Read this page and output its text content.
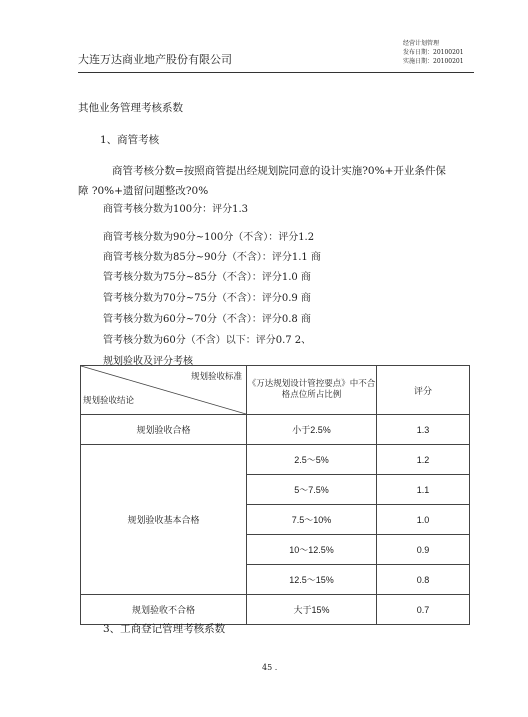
大连万达商业地产股份有限公司
经营计划管理
发布日期：20100201
实施日期：20100201
其他业务管理考核系数
1、商管考核
商管考核分数=按照商管提出经规划院同意的设计实施?0%+开业条件保
障 ?0%+遗留问题整改?0%
商管考核分数为100分：评分1.3
商管考核分数为90分~100分（不含）：评分1.2
商管考核分数为85分~90分（不含）：评分1.1 商
管考核分数为75分~85分（不含）：评分1.0 商
管考核分数为70分~75分（不含）：评分0.9 商
管考核分数为60分~70分（不含）：评分0.8 商
管考核分数为60分（不含）以下：评分0.7 2、
规划验收及评分考核
规划验收标准
规划验收结论	《万达规划设计管控要点》中不合格点位所占比例	评分
规划验收合格	小于2.5%	1.3
规划验收基本合格	2.5～5%	1.2
	5～7.5%	1.1
	7.5～10%	1.0
	10～12.5%	0.9
	12.5～15%	0.8
规划验收不合格	大于15%	0.7
3、工商登记管理考核系数
45 .
